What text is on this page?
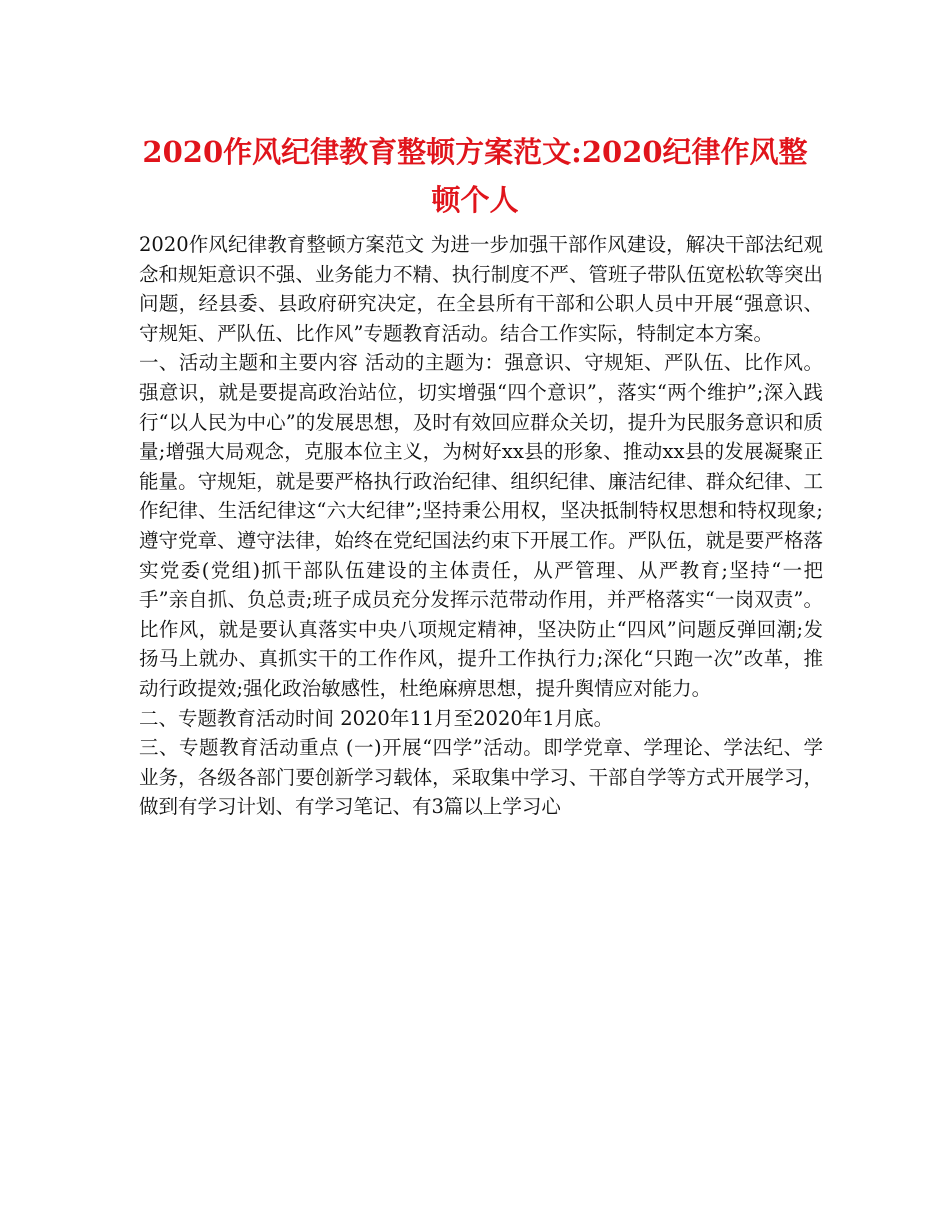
2020作风纪律教育整顿方案范文:2020纪律作风整顿个人

2020作风纪律教育整顿方案范文 为进一步加强干部作风建设，解决干部法纪观念和规矩意识不强、业务能力不精、执行制度不严、管班子带队伍宽松软等突出问题，经县委、县政府研究决定，在全县所有干部和公职人员中开展“强意识、守规矩、严队伍、比作风”专题教育活动。结合工作实际，特制定本方案。

一、活动主题和主要内容 活动的主题为：强意识、守规矩、严队伍、比作风。强意识，就是要提高政治站位，切实增强“四个意识”，落实“两个维护”;深入践行“以人民为中心”的发展思想，及时有效回应群众关切，提升为民服务意识和质量;增强大局观念，克服本位主义，为树好xx县的形象、推动xx县的发展凝聚正能量。守规矩，就是要严格执行政治纪律、组织纪律、廉洁纪律、群众纪律、工作纪律、生活纪律这“六大纪律”;坚持秉公用权，坚决抵制特权思想和特权现象;遵守党章、遵守法律，始终在党纪国法约束下开展工作。严队伍，就是要严格落实党委(党组)抓干部队伍建设的主体责任，从严管理、从严教育;坚持“一把手”亲自抓、负总责;班子成员充分发挥示范带动作用，并严格落实“一岗双责”。比作风，就是要认真落实中央八项规定精神，坚决防止“四风”问题反弹回潮;发扬马上就办、真抓实干的工作作风，提升工作执行力;深化“只跑一次”改革，推动行政提效;强化政治敏感性，杜绝麻痹思想，提升舆情应对能力。

二、专题教育活动时间 2020年11月至2020年1月底。

三、专题教育活动重点 (一)开展“四学”活动。即学党章、学理论、学法纪、学业务，各级各部门要创新学习载体，采取集中学习、干部自学等方式开展学习，做到有学习计划、有学习笔记、有3篇以上学习心
